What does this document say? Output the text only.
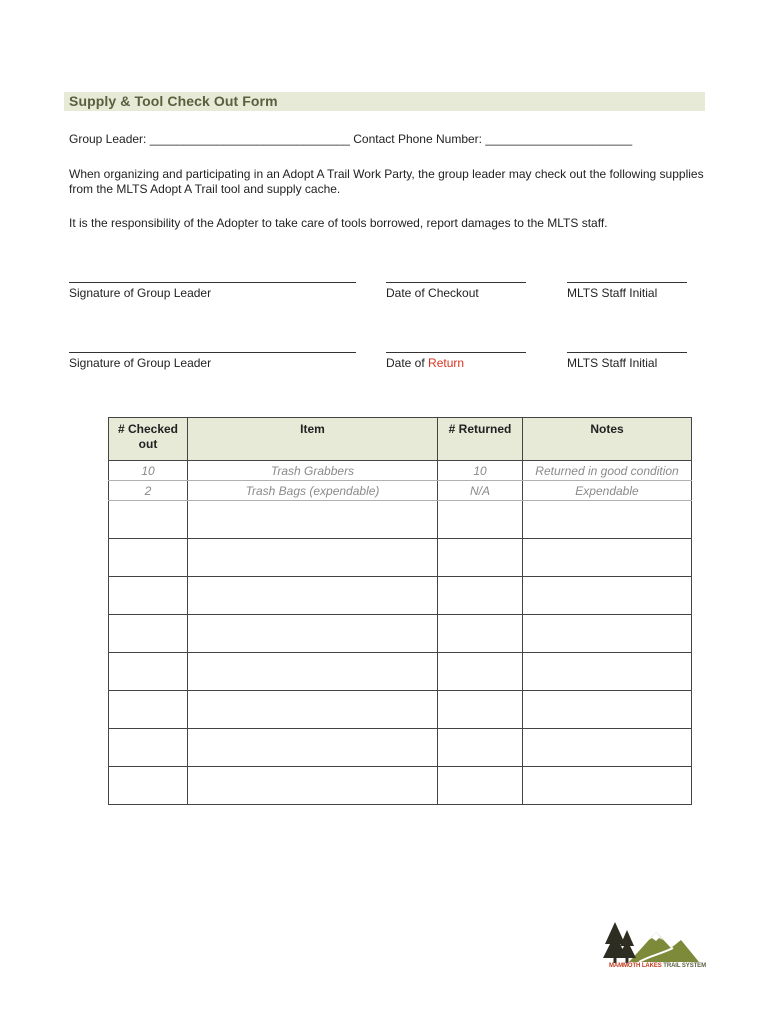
Supply & Tool Check Out Form
Group Leader: ______________________________ Contact Phone Number: ______________________
When organizing and participating in an Adopt A Trail Work Party, the group leader may check out the following supplies from the MLTS Adopt A Trail tool and supply cache.
It is the responsibility of the Adopter to take care of tools borrowed, report damages to the MLTS staff.
Signature of Group Leader	Date of Checkout	MLTS Staff Initial
Signature of Group Leader	Date of Return	MLTS Staff Initial
# Checked out	Item	# Returned	Notes
10	Trash Grabbers	10	Returned in good condition
2	Trash Bags (expendable)	N/A	Expendable

MAMMOTH LAKES TRAIL SYSTEM
